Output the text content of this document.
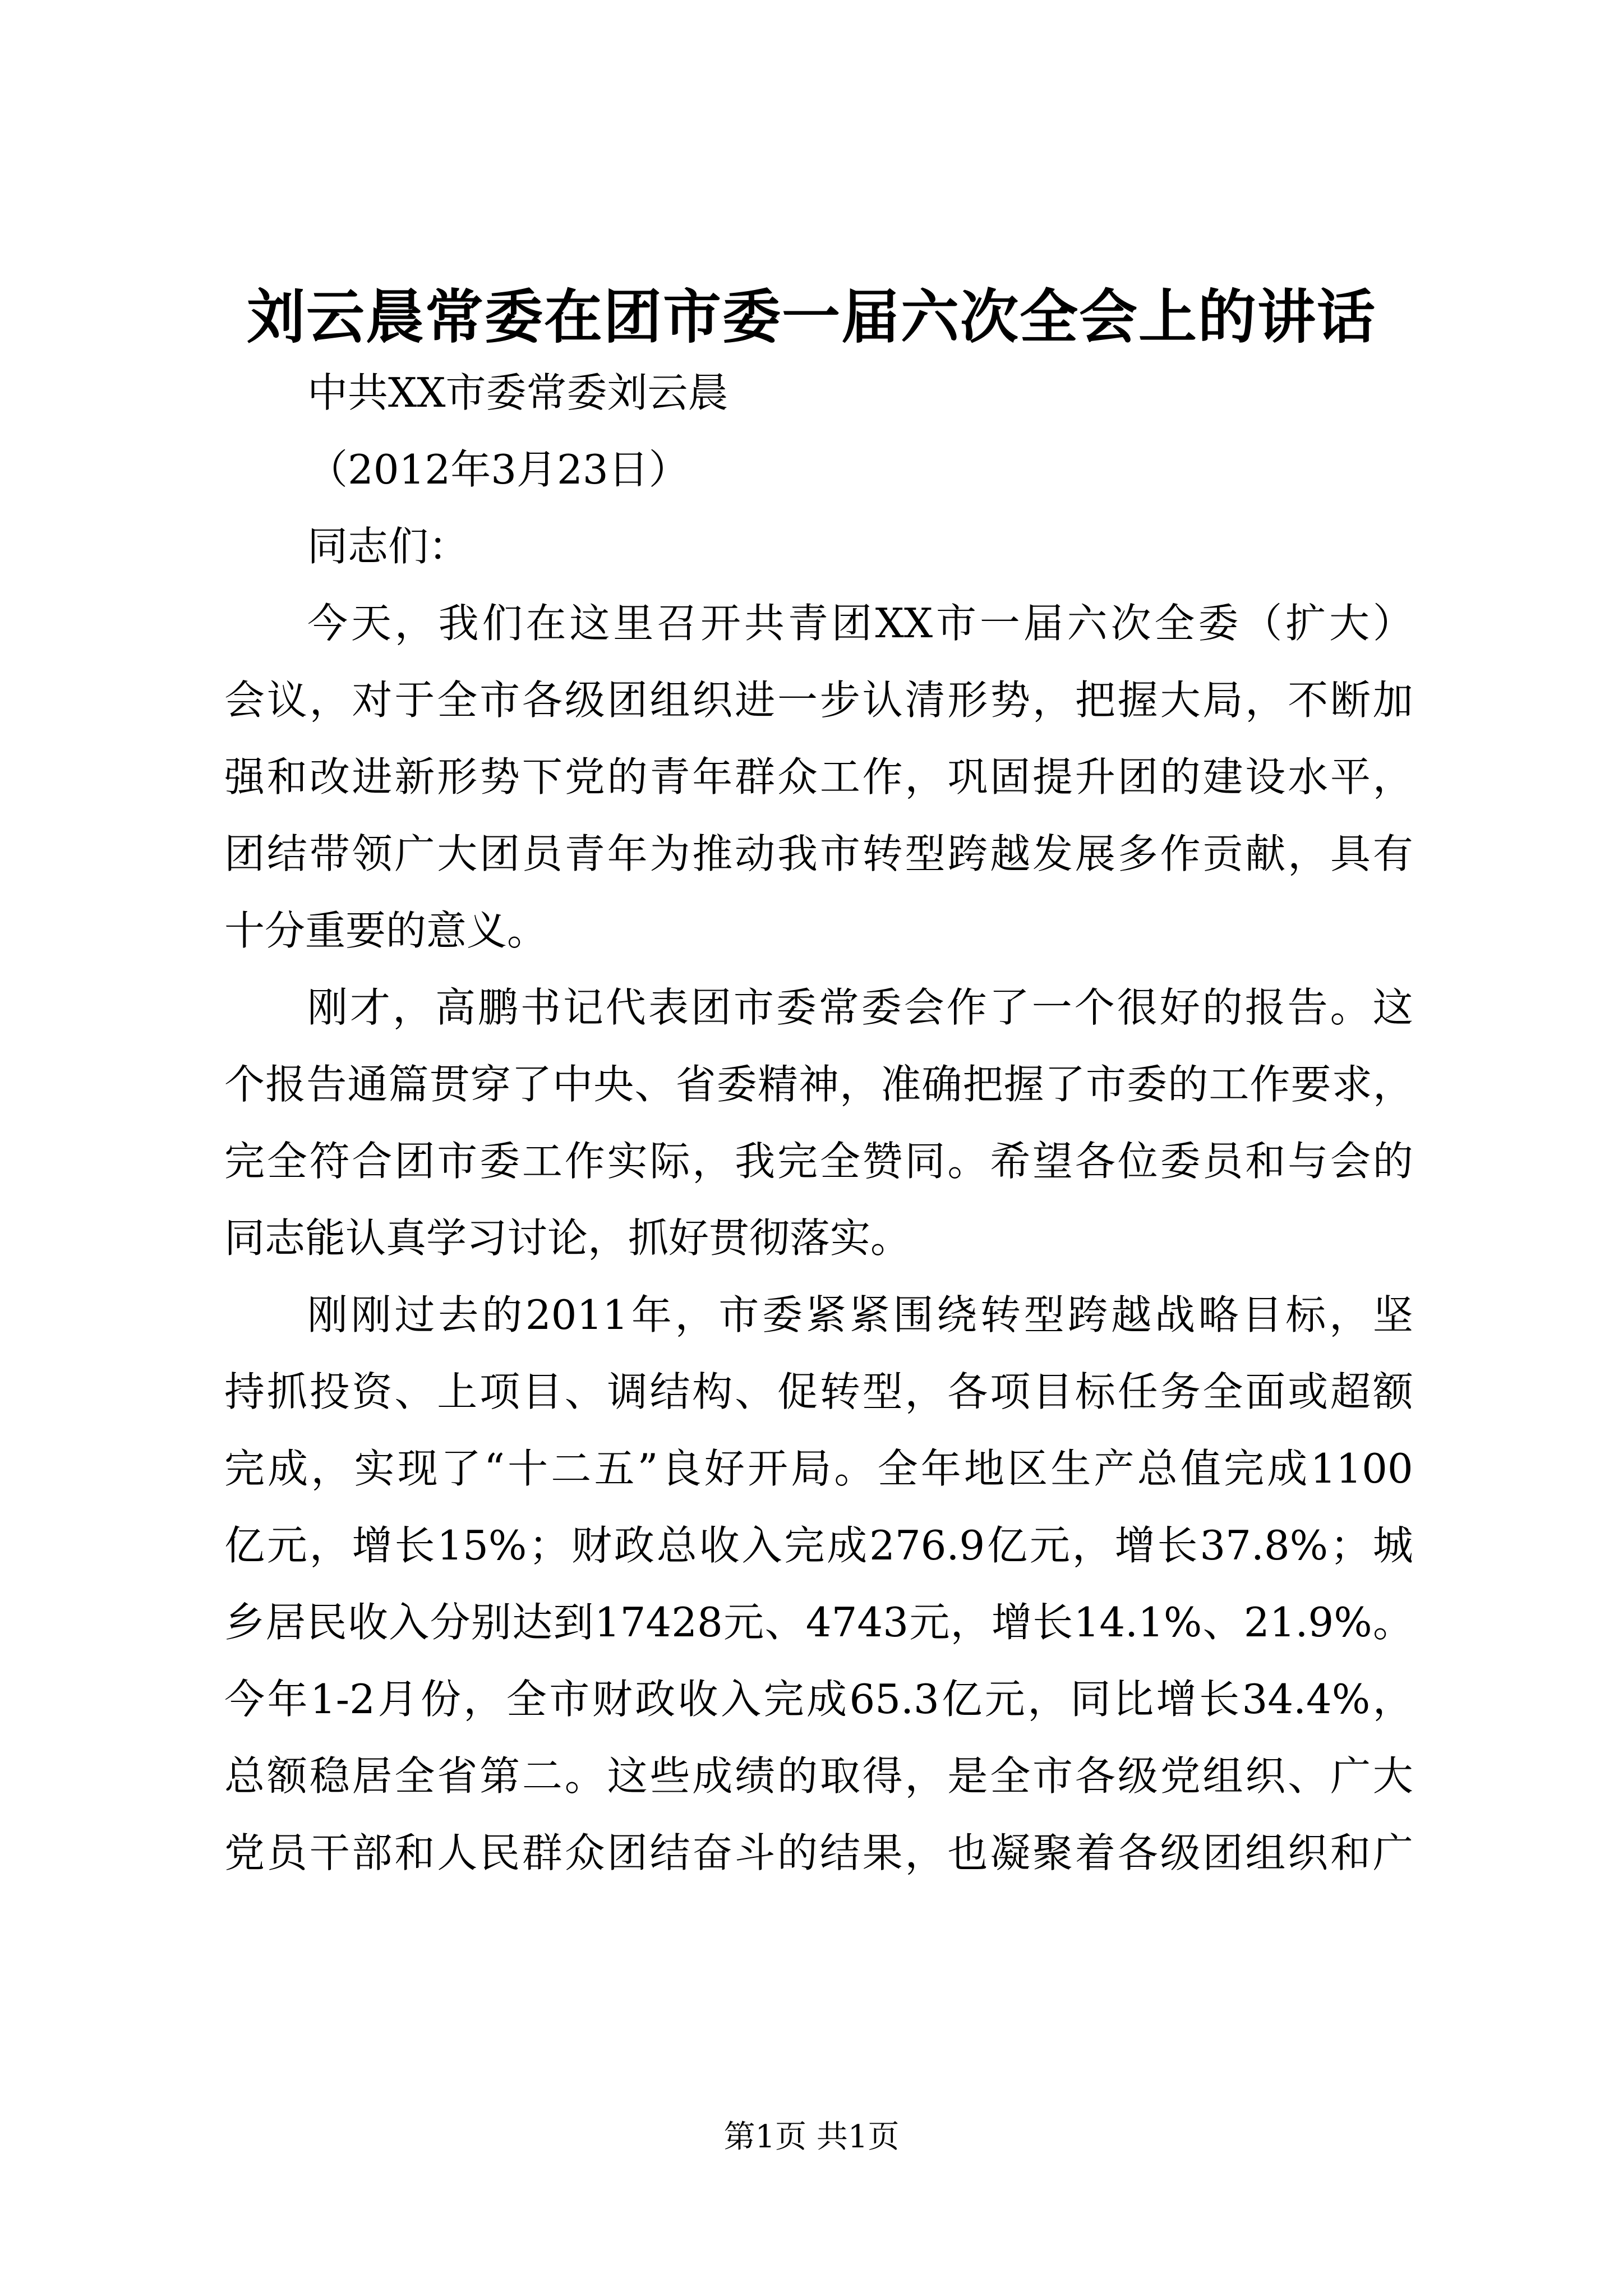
刘云晨常委在团市委一届六次全会上的讲话
中共XX市委常委刘云晨
（2012年3月23日）
同志们：
今 天 ， 我 们 在 这 里 召 开 共 青 团 XX 市 一 届 六 次 全 委 （ 扩 大 ）
会 议 ， 对 于 全 市 各 级 团 组 织 进 一 步 认 清 形 势 ， 把 握 大 局 ， 不 断 加
强 和 改 进 新 形 势 下 党 的 青 年 群 众 工 作 ， 巩 固 提 升 团 的 建 设 水 平 ，
团 结 带 领 广 大 团 员 青 年 为 推 动 我 市 转 型 跨 越 发 展 多 作 贡 献 ， 具 有
十分重要的意义。
刚 才 ， 高 鹏 书 记 代 表 团 市 委 常 委 会 作 了 一 个 很 好 的 报 告 。 这
个 报 告 通 篇 贯 穿 了 中 央 、 省 委 精 神 ， 准 确 把 握 了 市 委 的 工 作 要 求 ，
完 全 符 合 团 市 委 工 作 实 际 ， 我 完 全 赞 同 。 希 望 各 位 委 员 和 与 会 的
同志能认真学习讨论，抓好贯彻落实。
刚 刚 过 去 的 2011 年 ， 市 委 紧 紧 围 绕 转 型 跨 越 战 略 目 标 ， 坚
持 抓 投 资 、 上 项 目 、 调 结 构 、 促 转 型 ， 各 项 目 标 任 务 全 面 或 超 额
完 成 ， 实 现 了 “ 十 二 五 ” 良 好 开 局 。 全 年 地 区 生 产 总 值 完 成 1100
亿 元 ， 增 长 15% ； 财 政 总 收 入 完 成 276.9 亿 元 ， 增 长 37.8% ； 城
乡 居 民 收 入 分 别 达 到 17428 元 、 4743 元 ， 增 长 14.1% 、 21.9% 。
今 年 1-2 月 份 ， 全 市 财 政 收 入 完 成 65.3 亿 元 ， 同 比 增 长 34.4% ，
总 额 稳 居 全 省 第 二 。 这 些 成 绩 的 取 得 ， 是 全 市 各 级 党 组 织 、 广 大
党 员 干 部 和 人 民 群 众 团 结 奋 斗 的 结 果 ， 也 凝 聚 着 各 级 团 组 织 和 广
第1页 共1页
